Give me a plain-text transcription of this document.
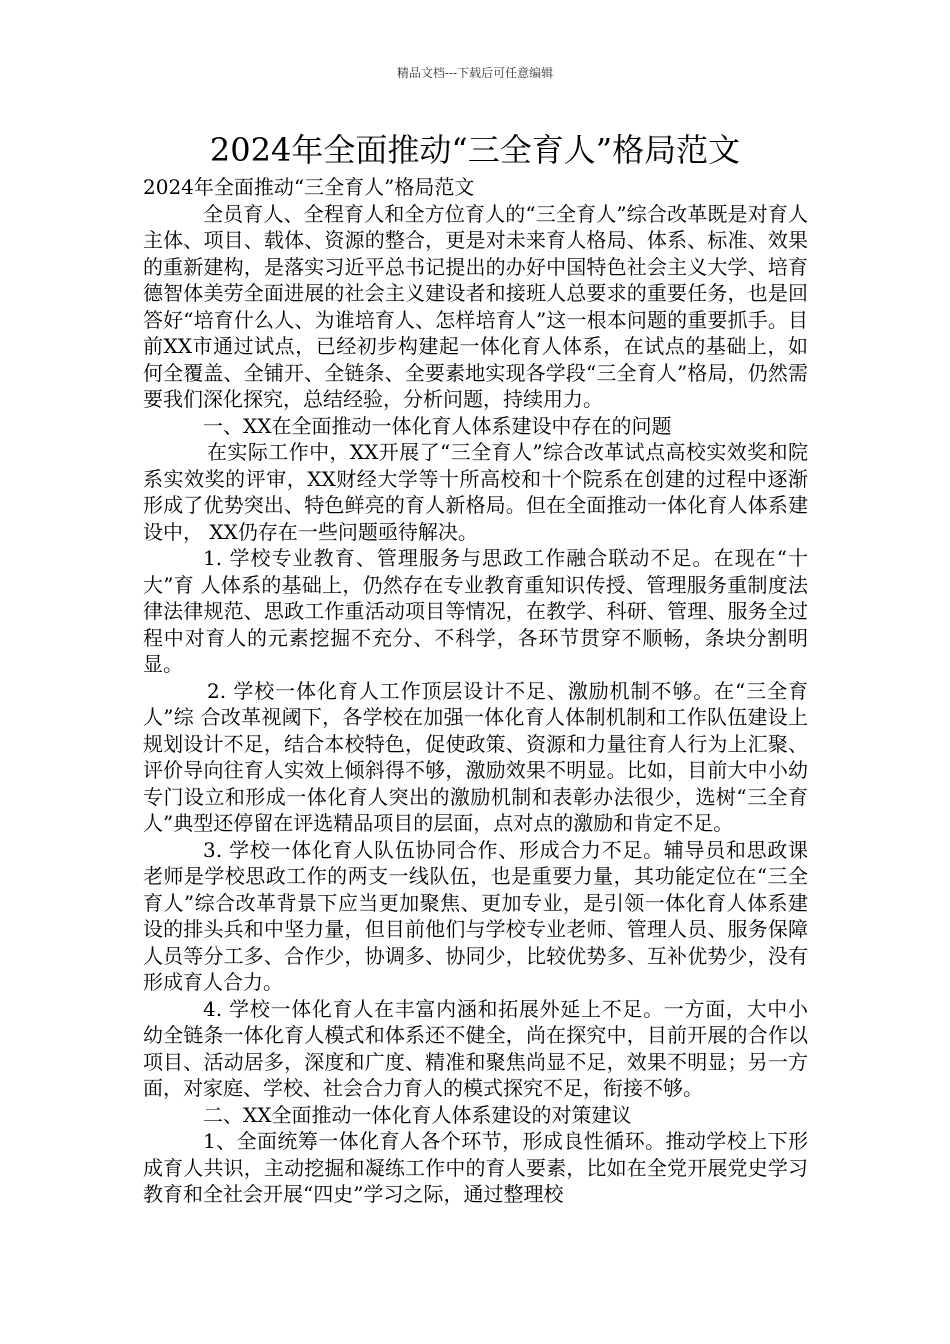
精品文档---下载后可任意编辑
2024年全面推动“三全育人”格局范文

2024年全面推动“三全育人”格局范文

全员育人、全程育人和全方位育人的“三全育人”综合改革既是对育人主体、项目、载体、资源的整合，更是对未来育人格局、体系、标准、效果的重新建构，是落实习近平总书记提出的办好中国特色社会主义大学、培育德智体美劳全面进展的社会主义建设者和接班人总要求的重要任务，也是回答好“培育什么人、为谁培育人、怎样培育人”这一根本问题的重要抓手。目前XX市通过试点，已经初步构建起一体化育人体系，在试点的基础上，如何全覆盖、全铺开、全链条、全要素地实现各学段“三全育人”格局，仍然需要我们深化探究，总结经验，分析问题，持续用力。

一、XX在全面推动一体化育人体系建设中存在的问题

在实际工作中，XX开展了“三全育人”综合改革试点高校实效奖和院系实效奖的评审，XX财经大学等十所高校和十个院系在创建的过程中逐渐形成了优势突出、特色鲜亮的育人新格局。但在全面推动一体化育人体系建设中， XX仍存在一些问题亟待解决。

1. 学校专业教育、管理服务与思政工作融合联动不足。在现在“十大”育 人体系的基础上，仍然存在专业教育重知识传授、管理服务重制度法律法律规范、思政工作重活动项目等情况，在教学、科研、管理、服务全过程中对育人的元素挖掘不充分、不科学，各环节贯穿不顺畅，条块分割明显。

2. 学校一体化育人工作顶层设计不足、激励机制不够。在“三全育人”综 合改革视阈下，各学校在加强一体化育人体制机制和工作队伍建设上规划设计不足，结合本校特色，促使政策、资源和力量往育人行为上汇聚、评价导向往育人实效上倾斜得不够，激励效果不明显。比如，目前大中小幼专门设立和形成一体化育人突出的激励机制和表彰办法很少，选树“三全育人”典型还停留在评选精品项目的层面，点对点的激励和肯定不足。

3. 学校一体化育人队伍协同合作、形成合力不足。辅导员和思政课老师是学校思政工作的两支一线队伍，也是重要力量，其功能定位在“三全育人”综合改革背景下应当更加聚焦、更加专业，是引领一体化育人体系建设的排头兵和中坚力量，但目前他们与学校专业老师、管理人员、服务保障人员等分工多、合作少，协调多、协同少，比较优势多、互补优势少，没有形成育人合力。

4. 学校一体化育人在丰富内涵和拓展外延上不足。一方面，大中小幼全链条一体化育人模式和体系还不健全，尚在探究中，目前开展的合作以项目、活动居多，深度和广度、精准和聚焦尚显不足，效果不明显；另一方面，对家庭、学校、社会合力育人的模式探究不足，衔接不够。

二、XX全面推动一体化育人体系建设的对策建议

1、全面统筹一体化育人各个环节，形成良性循环。推动学校上下形成育人共识，主动挖掘和凝练工作中的育人要素，比如在全党开展党史学习教育和全社会开展“四史”学习之际，通过整理校
